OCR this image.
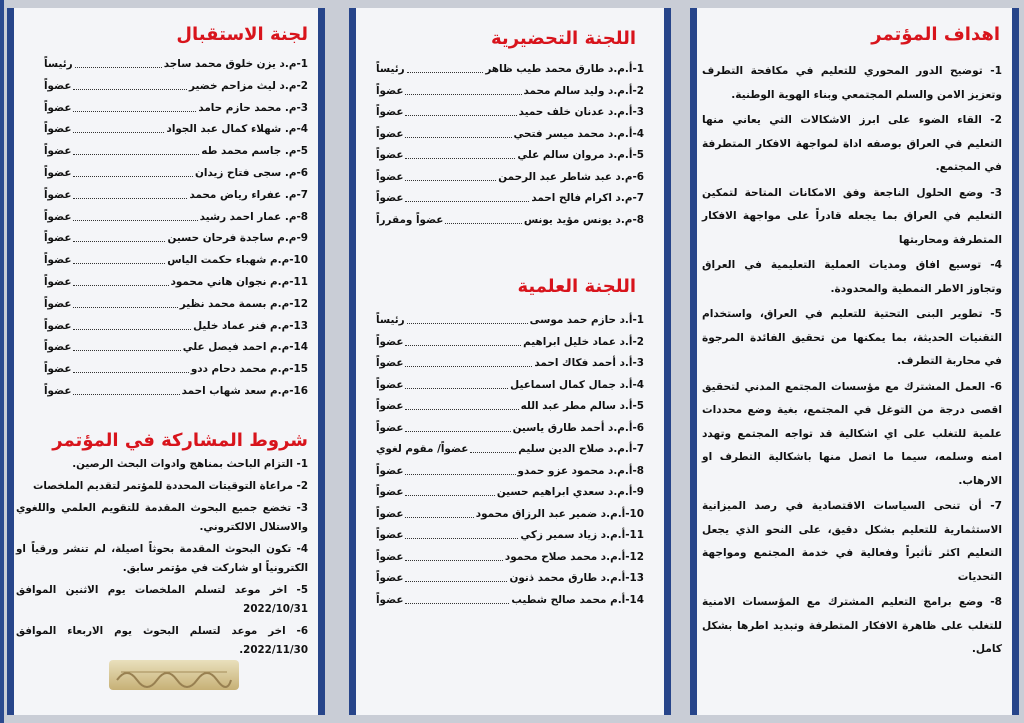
اهداف المؤتمر

1- توضيح الدور المحوري للتعليم في مكافحة التطرف وتعزيز الامن والسلم المجتمعي وبناء الهوية الوطنية.

2- القاء الضوء على ابرز الاشكالات التي يعاني منها التعليم في العراق بوصفه اداة لمواجهة الافكار المتطرفة في المجتمع.

3- وضع الحلول الناجعة وفق الامكانات المتاحة لتمكين التعليم في العراق بما يجعله قادراً على مواجهة الافكار المتطرفة ومحاربتها

4- توسيع افاق ومديات العملية التعليمية في العراق وتجاوز الاطر النمطية والمحدودة.

5- تطوير البنى التحتية للتعليم في العراق، واستخدام التقنيات الحديثة، بما يمكنها من تحقيق الفائدة المرجوة في محاربة التطرف.

6- العمل المشترك مع مؤسسات المجتمع المدني لتحقيق اقصى درجة من التوغل في المجتمع، بغية وضع محددات علمية للتغلب على اي اشكالية قد تواجه المجتمع وتهدد امنه وسلمه، سيما ما اتصل منها باشكالية التطرف او الارهاب.

7- أن تنحى السياسات الاقتصادية في رصد الميزانية الاستثمارية للتعليم بشكل دقيق، على النحو الذي يجعل التعليم اكثر تأثيراً وفعالية في خدمة المجتمع ومواجهة التحديات

8- وضع برامج التعليم المشترك مع المؤسسات الامنية للتغلب على ظاهرة الافكار المتطرفة وتبديد اطرها بشكل كامل.

اللجنة التحضيرية
1-أ.م.د طارق محمد طيب ظاهر
رئيساً
2-أ.م.د وليد سالم محمد
عضواً
3-أ.م.د عدنان خلف حميد
عضواً
4-أ.م.د محمد ميسر فتحي
عضواً
5-أ.م.د مروان سالم علي
عضواً
6-م.د عبد شاطر عبد الرحمن
عضواً
7-م.د اكرام فالح احمد
عضواً
8-م.د يونس مؤيد يونس
عضواً ومقرراً
اللجنة العلمية
1-أ.د حازم حمد موسى
رئيساً
2-أ.د عماد خليل ابراهيم
عضواً
3-أ.د أحمد فكاك احمد
عضواً
4-أ.د جمال كمال اسماعيل
عضواً
5-أ.د سالم مطر عبد الله
عضواً
6-أ.م.د أحمد طارق ياسين
عضواً
7-أ.م.د صلاح الدين سليم
عضواً/ مقوم لغوي
8-أ.م.د محمود عزو حمدو
عضواً
9-أ.م.د سعدي ابراهيم حسين
عضواً
10-أ.م.د ضمير عبد الرزاق محمود
عضواً
11-أ.م.د زياد سمير زكي
عضواً
12-أ.م.د محمد صلاح محمود
عضواً
13-أ.م.د طارق محمد ذنون
عضواً
14-أ.م محمد صالح شطيب
عضواً
لجنة الاستقبال
1-م.د يزن خلوق محمد ساجد
رئيساً
2-م.د ليث مزاحم خضير
عضواً
3-م. محمد حازم حامد
عضواً
4-م. شهلاء كمال عبد الجواد
عضواً
5-م. جاسم محمد طه
عضواً
6-م. سجى فتاح زيدان
عضواً
7-م. عفراء رياض محمد
عضواً
8-م. عمار احمد رشيد
عضواً
9-م.م ساجدة فرحان حسين
عضواً
10-م.م شهباء حكمت الياس
عضواً
11-م.م نجوان هاني محمود
عضواً
12-م.م بسمة محمد نظير
عضواً
13-م.م فنر عماد خليل
عضواً
14-م.م احمد فيصل علي
عضواً
15-م.م محمد دحام ددو
عضواً
16-م.م سعد شهاب احمد
عضواً
شروط المشاركة في المؤتمر

1- التزام الباحث بمناهج وادوات البحث الرصين.

2- مراعاة التوقيتات المحددة للمؤتمر لتقديم الملخصات

3- تخضع جميع البحوث المقدمة للتقويم العلمي واللغوي والاستلال الالكتروني.

4- تكون البحوث المقدمة بحوثاً اصيلة، لم تنشر ورقياً او الكترونياً او شاركت في مؤتمر سابق.

5- اخر موعد لتسلم الملخصات يوم الاثنين الموافق 2022/10/31

6- اخر موعد لتسلم البحوث يوم الاربعاء الموافق 2022/11/30.
